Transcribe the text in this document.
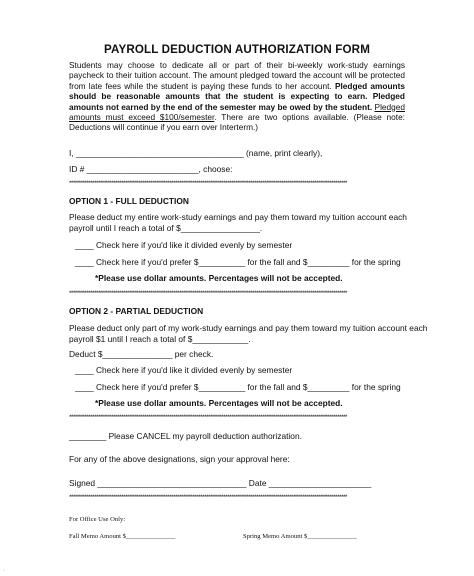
PAYROLL DEDUCTION AUTHORIZATION FORM
Students may choose to dedicate all or part of their bi-weekly work-study earnings paycheck to their tuition account. The amount pledged toward the account will be protected from late fees while the student is paying these funds to her account. Pledged amounts should be reasonable amounts that the student is expecting to earn. Pledged amounts not earned by the end of the semester may be owed by the student. Pledged amounts must exceed $100/semester. There are two options available. (Please note: Deductions will continue if you earn over Interterm.)
I, ____________________________________ (name, print clearly),
ID # ________________________, choose:
************************************************************************************************************************************************
OPTION 1 - FULL DEDUCTION
Please deduct my entire work-study earnings and pay them toward my tuition account each
payroll until I reach a total of $_________________.
____ Check here if you'd like it divided evenly by semester
____ Check here if you'd prefer $__________ for the fall and $_________ for the spring
*Please use dollar amounts. Percentages will not be accepted.
************************************************************************************************************************************************
OPTION 2 - PARTIAL DEDUCTION
Please deduct only part of my work-study earnings and pay them toward my tuition account each
payroll $1 until I reach a total of $____________.
Deduct $_______________ per check.
____ Check here if you'd like it divided evenly by semester
____ Check here if you'd prefer $__________ for the fall and $_________ for the spring
*Please use dollar amounts. Percentages will not be accepted.
************************************************************************************************************************************************
________ Please CANCEL my payroll deduction authorization.
For any of the above designations, sign your approval here:
Signed ________________________________ Date ______________________
************************************************************************************************************************************************
For Office Use Only:
Fall Memo Amount $_______________	Spring Memo Amount $_______________
·
